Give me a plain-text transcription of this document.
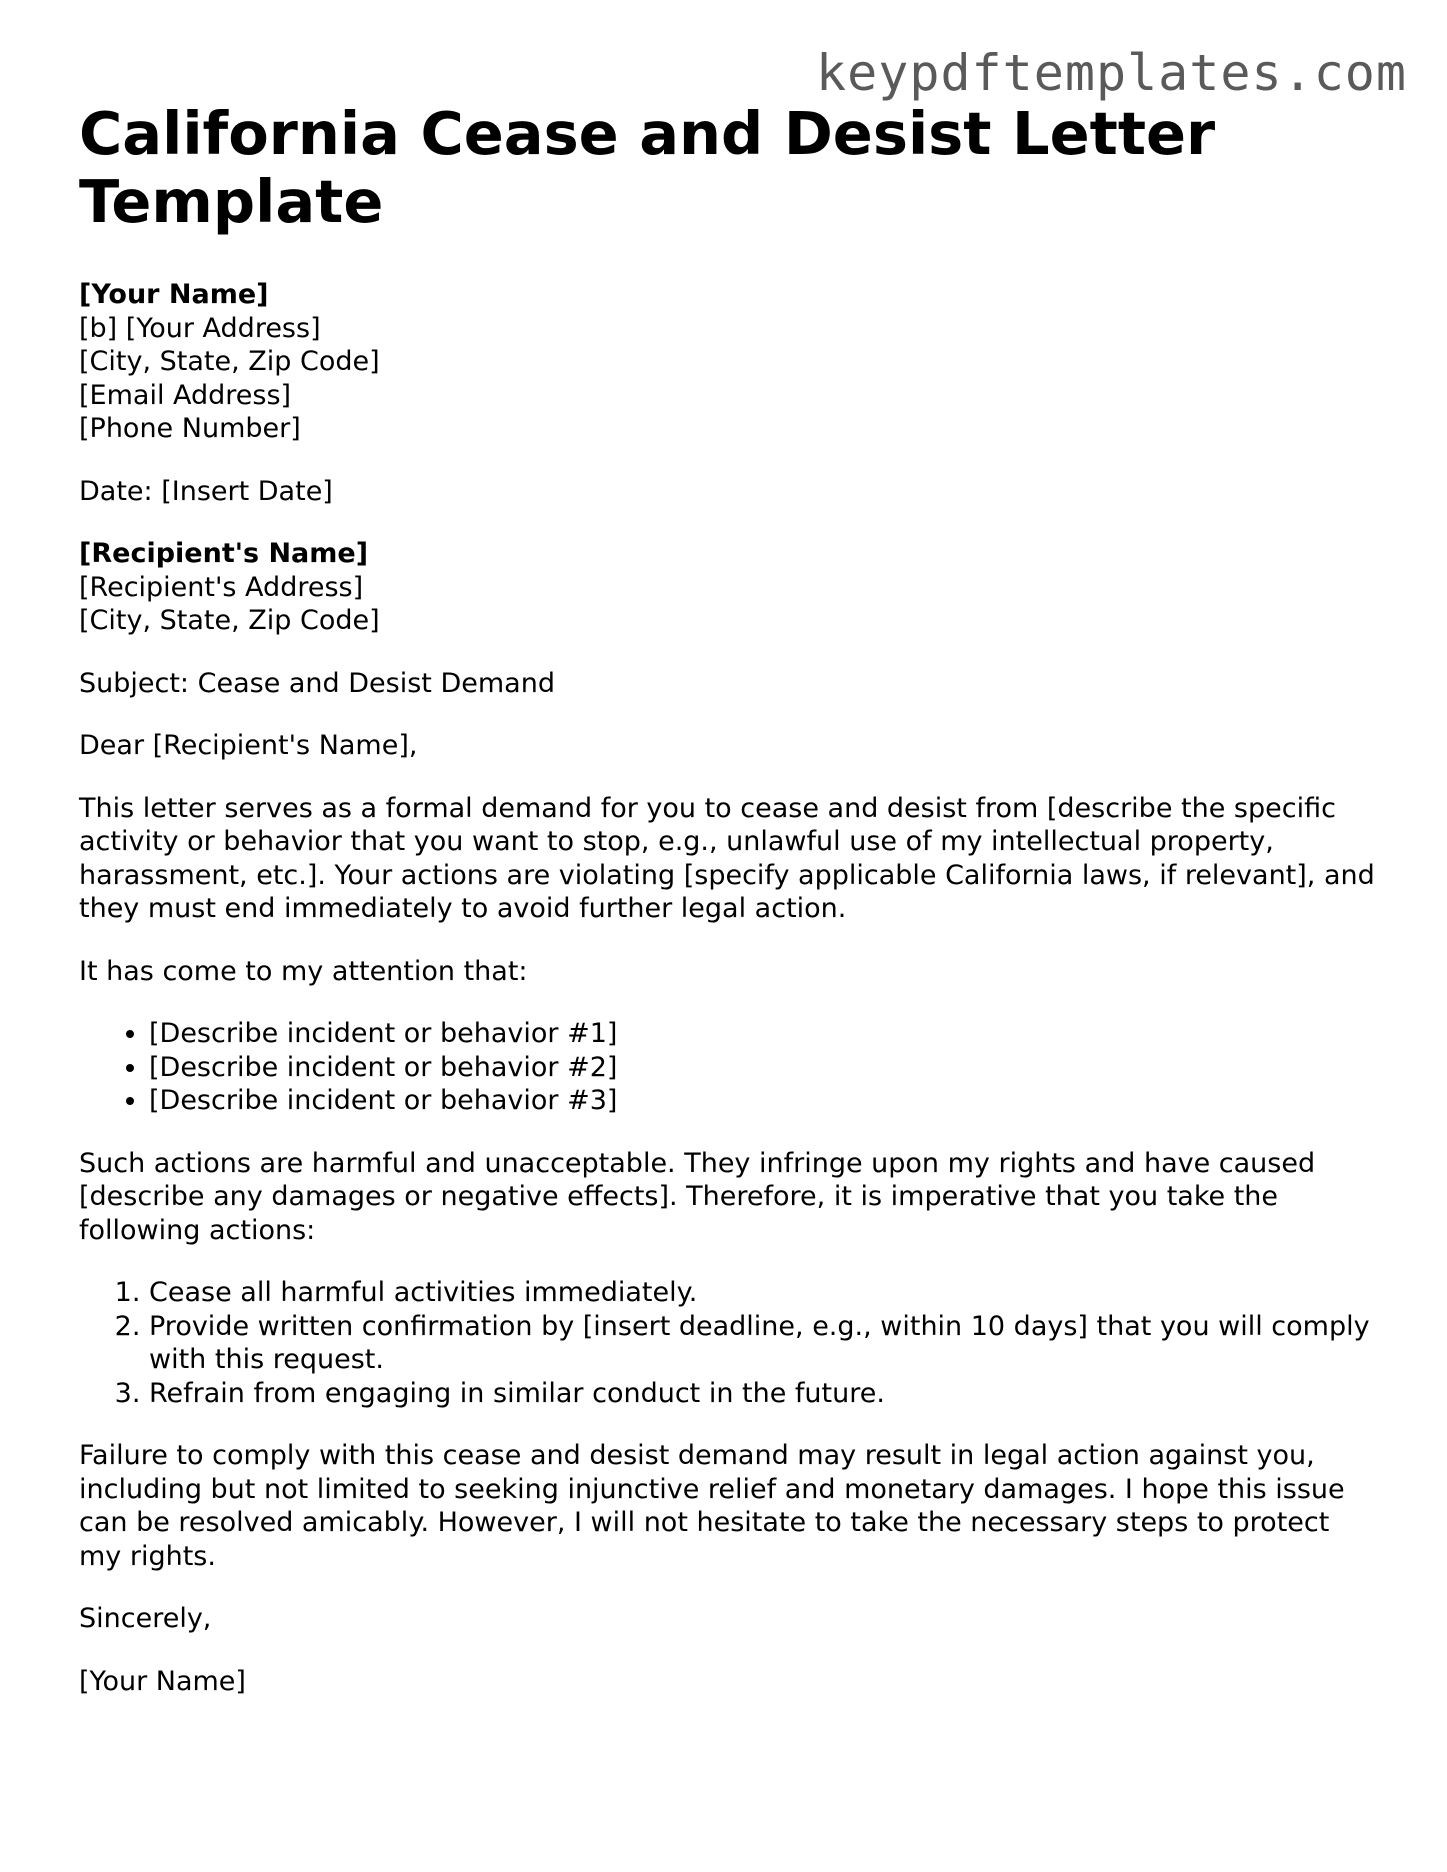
keypdftemplates.com
California Cease and Desist Letter Template

[Your Name]

[b] [Your Address]

[City, State, Zip Code]

[Email Address]

[Phone Number]

Date: [Insert Date]

[Recipient's Name]

[Recipient's Address]

[City, State, Zip Code]

Subject: Cease and Desist Demand

Dear [Recipient's Name],

This letter serves as a formal demand for you to cease and desist from [describe the specific activity or behavior that you want to stop, e.g., unlawful use of my intellectual property, harassment, etc.]. Your actions are violating [specify applicable California laws, if relevant], and they must end immediately to avoid further legal action.

It has come to my attention that:

• [Describe incident or behavior #1]
• [Describe incident or behavior #2]
• [Describe incident or behavior #3]

Such actions are harmful and unacceptable. They infringe upon my rights and have caused [describe any damages or negative effects]. Therefore, it is imperative that you take the following actions:

1. Cease all harmful activities immediately.
2. Provide written confirmation by [insert deadline, e.g., within 10 days] that you will comply with this request.
3. Refrain from engaging in similar conduct in the future.

Failure to comply with this cease and desist demand may result in legal action against you, including but not limited to seeking injunctive relief and monetary damages. I hope this issue can be resolved amicably. However, I will not hesitate to take the necessary steps to protect my rights.

Sincerely,

[Your Name]
